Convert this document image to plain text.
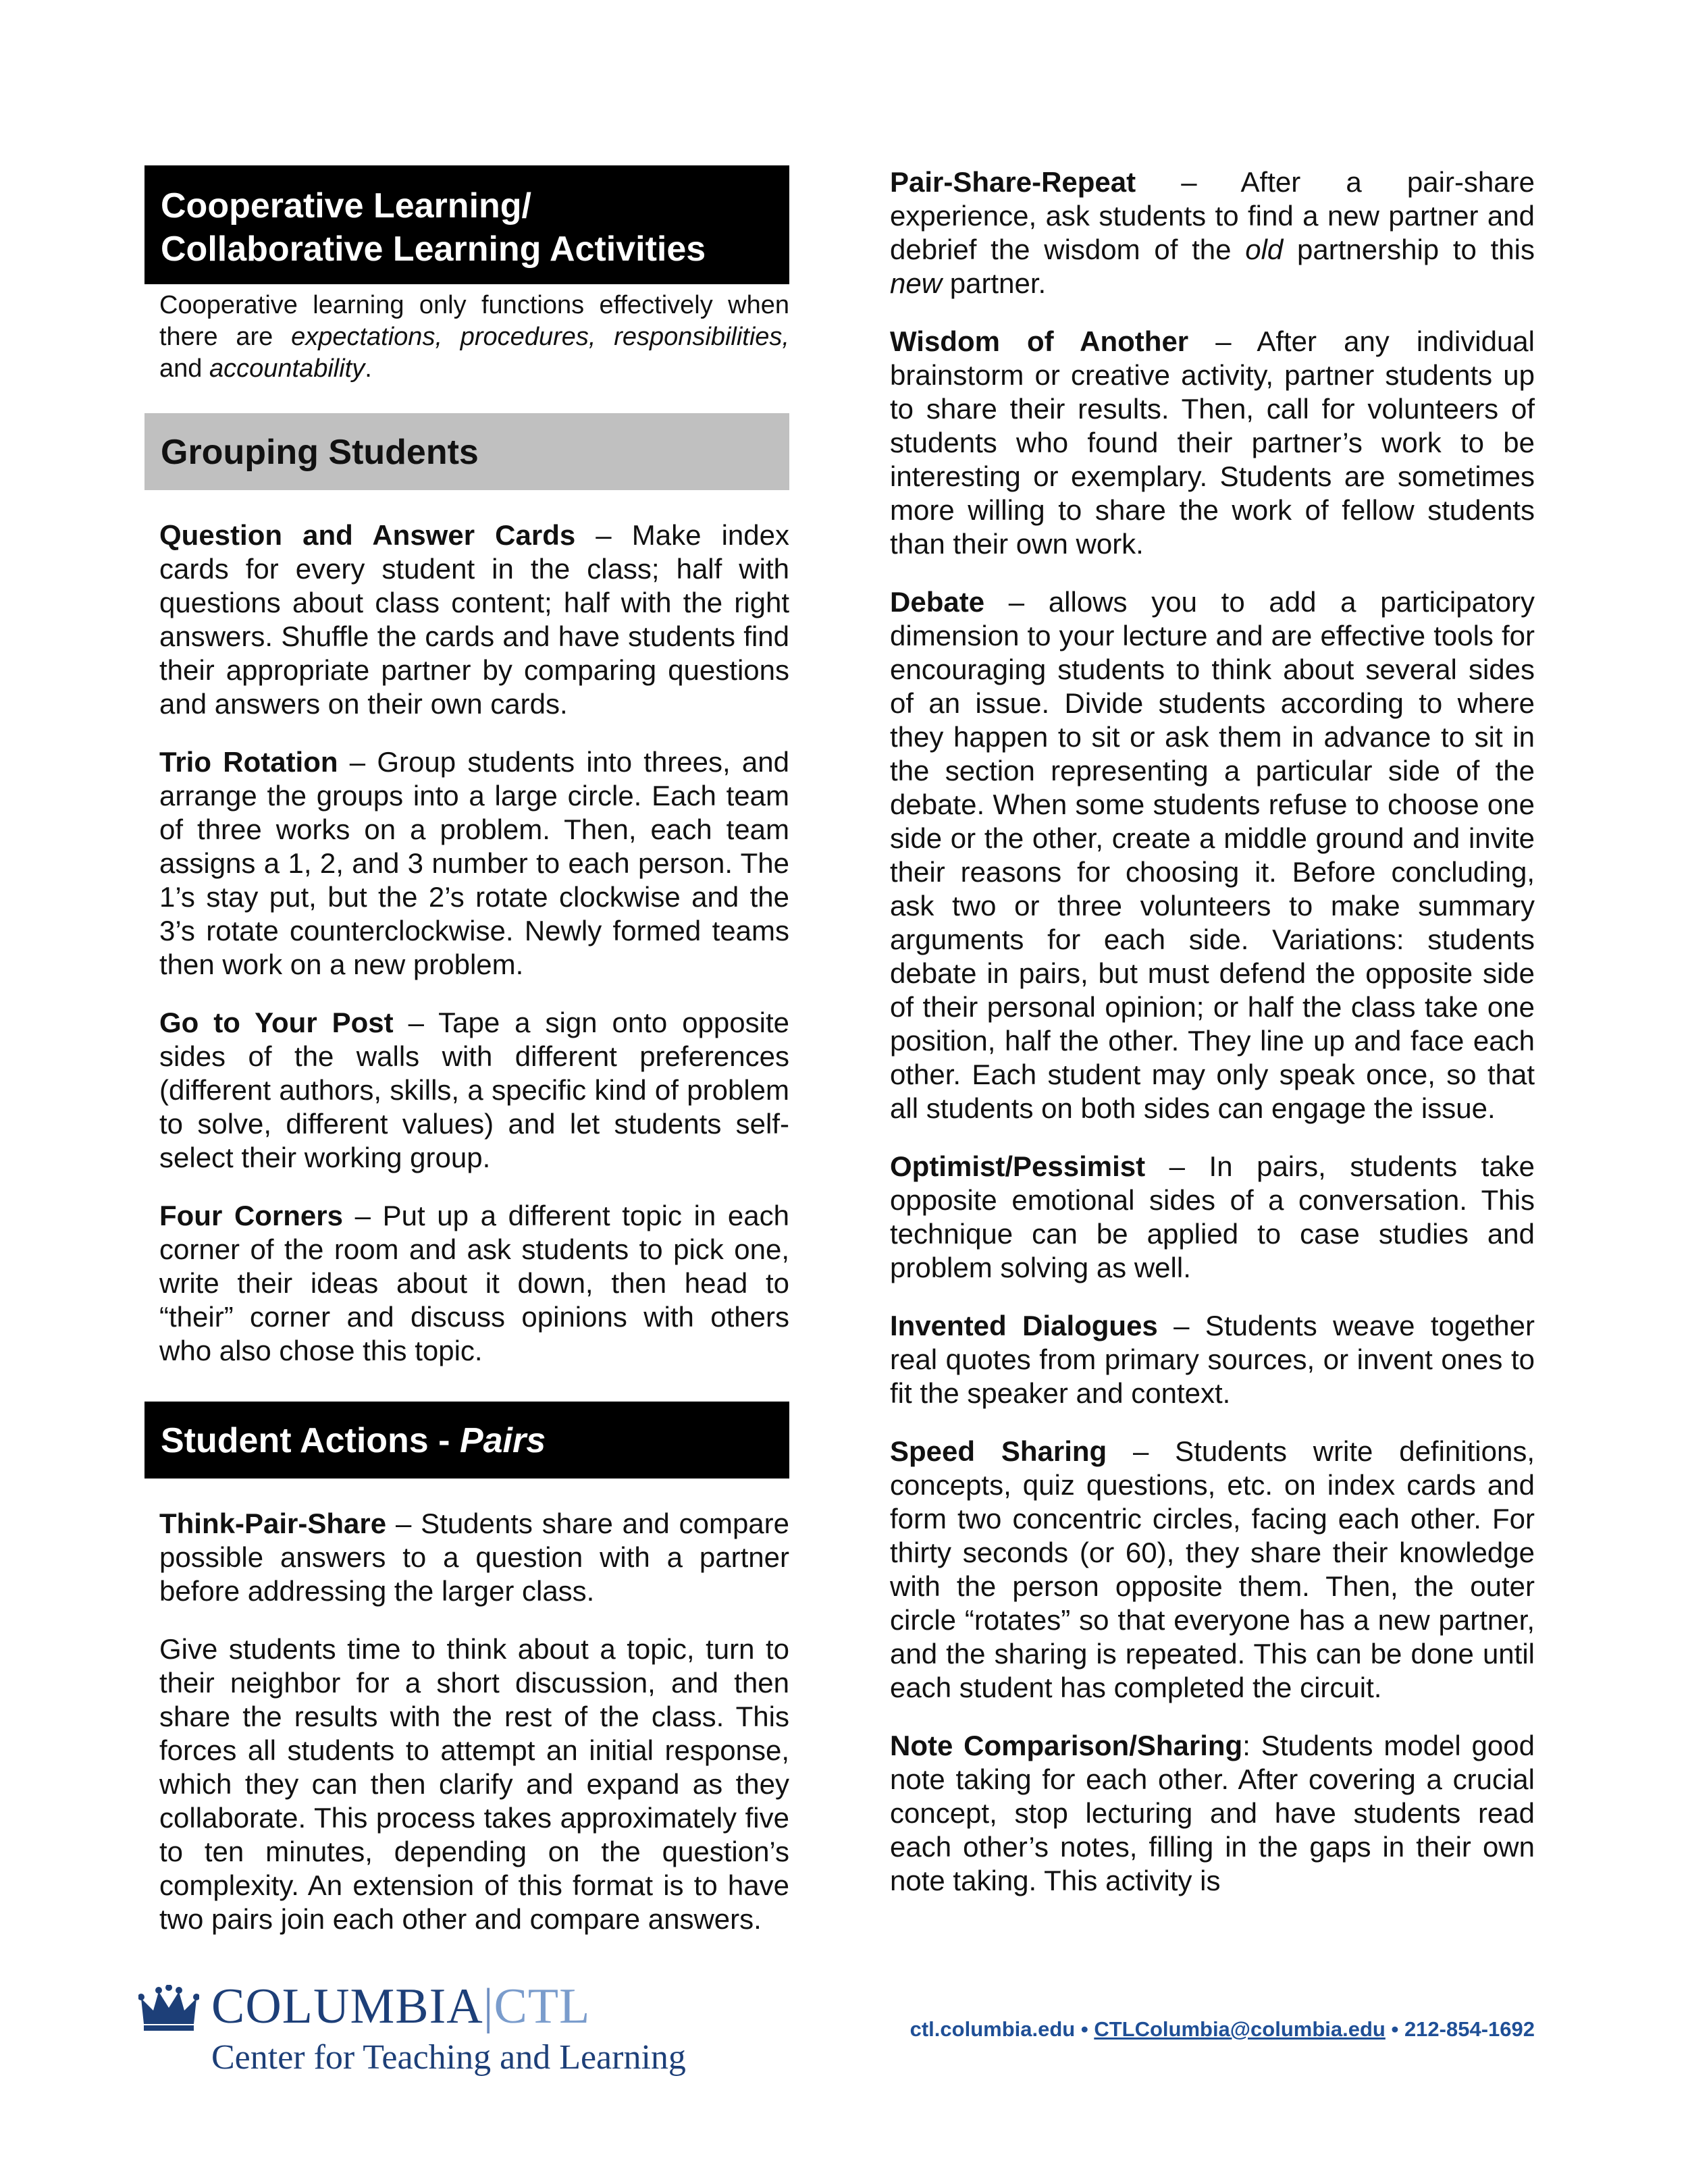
Cooperative Learning/
Collaborative Learning Activities
Cooperative learning only functions effectively when there are expectations, procedures, responsibilities, and accountability.
Grouping Students

Question and Answer Cards – Make index cards for every student in the class; half with questions about class content; half with the right answers. Shuffle the cards and have students find their appropriate partner by comparing questions and answers on their own cards.

Trio Rotation – Group students into threes, and arrange the groups into a large circle. Each team of three works on a problem. Then, each team assigns a 1, 2, and 3 number to each person. The 1’s stay put, but the 2’s rotate clockwise and the 3’s rotate counterclockwise. Newly formed teams then work on a new problem.

Go to Your Post – Tape a sign onto opposite sides of the walls with different preferences (different authors, skills, a specific kind of problem to solve, different values) and let students self-select their working group.

Four Corners – Put up a different topic in each corner of the room and ask students to pick one, write their ideas about it down, then head to “their” corner and discuss opinions with others who also chose this topic.

Student Actions - Pairs

Think-Pair-Share – Students share and compare possible answers to a question with a partner before addressing the larger class.

Give students time to think about a topic, turn to their neighbor for a short discussion, and then share the results with the rest of the class. This forces all students to attempt an initial response, which they can then clarify and expand as they collaborate. This process takes approximately five to ten minutes, depending on the question’s complexity. An extension of this format is to have two pairs join each other and compare answers.

Pair-Share-Repeat – After a pair-share experience, ask students to find a new partner and debrief the wisdom of the old partnership to this new partner.

Wisdom of Another – After any individual brainstorm or creative activity, partner students up to share their results. Then, call for volunteers of students who found their partner’s work to be interesting or exemplary. Students are sometimes more willing to share the work of fellow students than their own work.

Debate – allows you to add a participatory dimension to your lecture and are effective tools for encouraging students to think about several sides of an issue. Divide students according to where they happen to sit or ask them in advance to sit in the section representing a particular side of the debate. When some students refuse to choose one side or the other, create a middle ground and invite their reasons for choosing it. Before concluding, ask two or three volunteers to make summary arguments for each side. Variations: students debate in pairs, but must defend the opposite side of their personal opinion; or half the class take one position, half the other. They line up and face each other. Each student may only speak once, so that all students on both sides can engage the issue.

Optimist/Pessimist – In pairs, students take opposite emotional sides of a conversation. This technique can be applied to case studies and problem solving as well.

Invented Dialogues – Students weave together real quotes from primary sources, or invent ones to fit the speaker and context.

Speed Sharing – Students write definitions, concepts, quiz questions, etc. on index cards and form two concentric circles, facing each other. For thirty seconds (or 60), they share their knowledge with the person opposite them. Then, the outer circle “rotates” so that everyone has a new partner, and the sharing is repeated. This can be done until each student has completed the circuit.

Note Comparison/Sharing: Students model good note taking for each other. After covering a crucial concept, stop lecturing and have students read each other’s notes, filling in the gaps in their own note taking. This activity is

COLUMBIA|CTL
Center for Teaching and Learning
ctl.columbia.edu • CTLColumbia@columbia.edu • 212-854-1692
